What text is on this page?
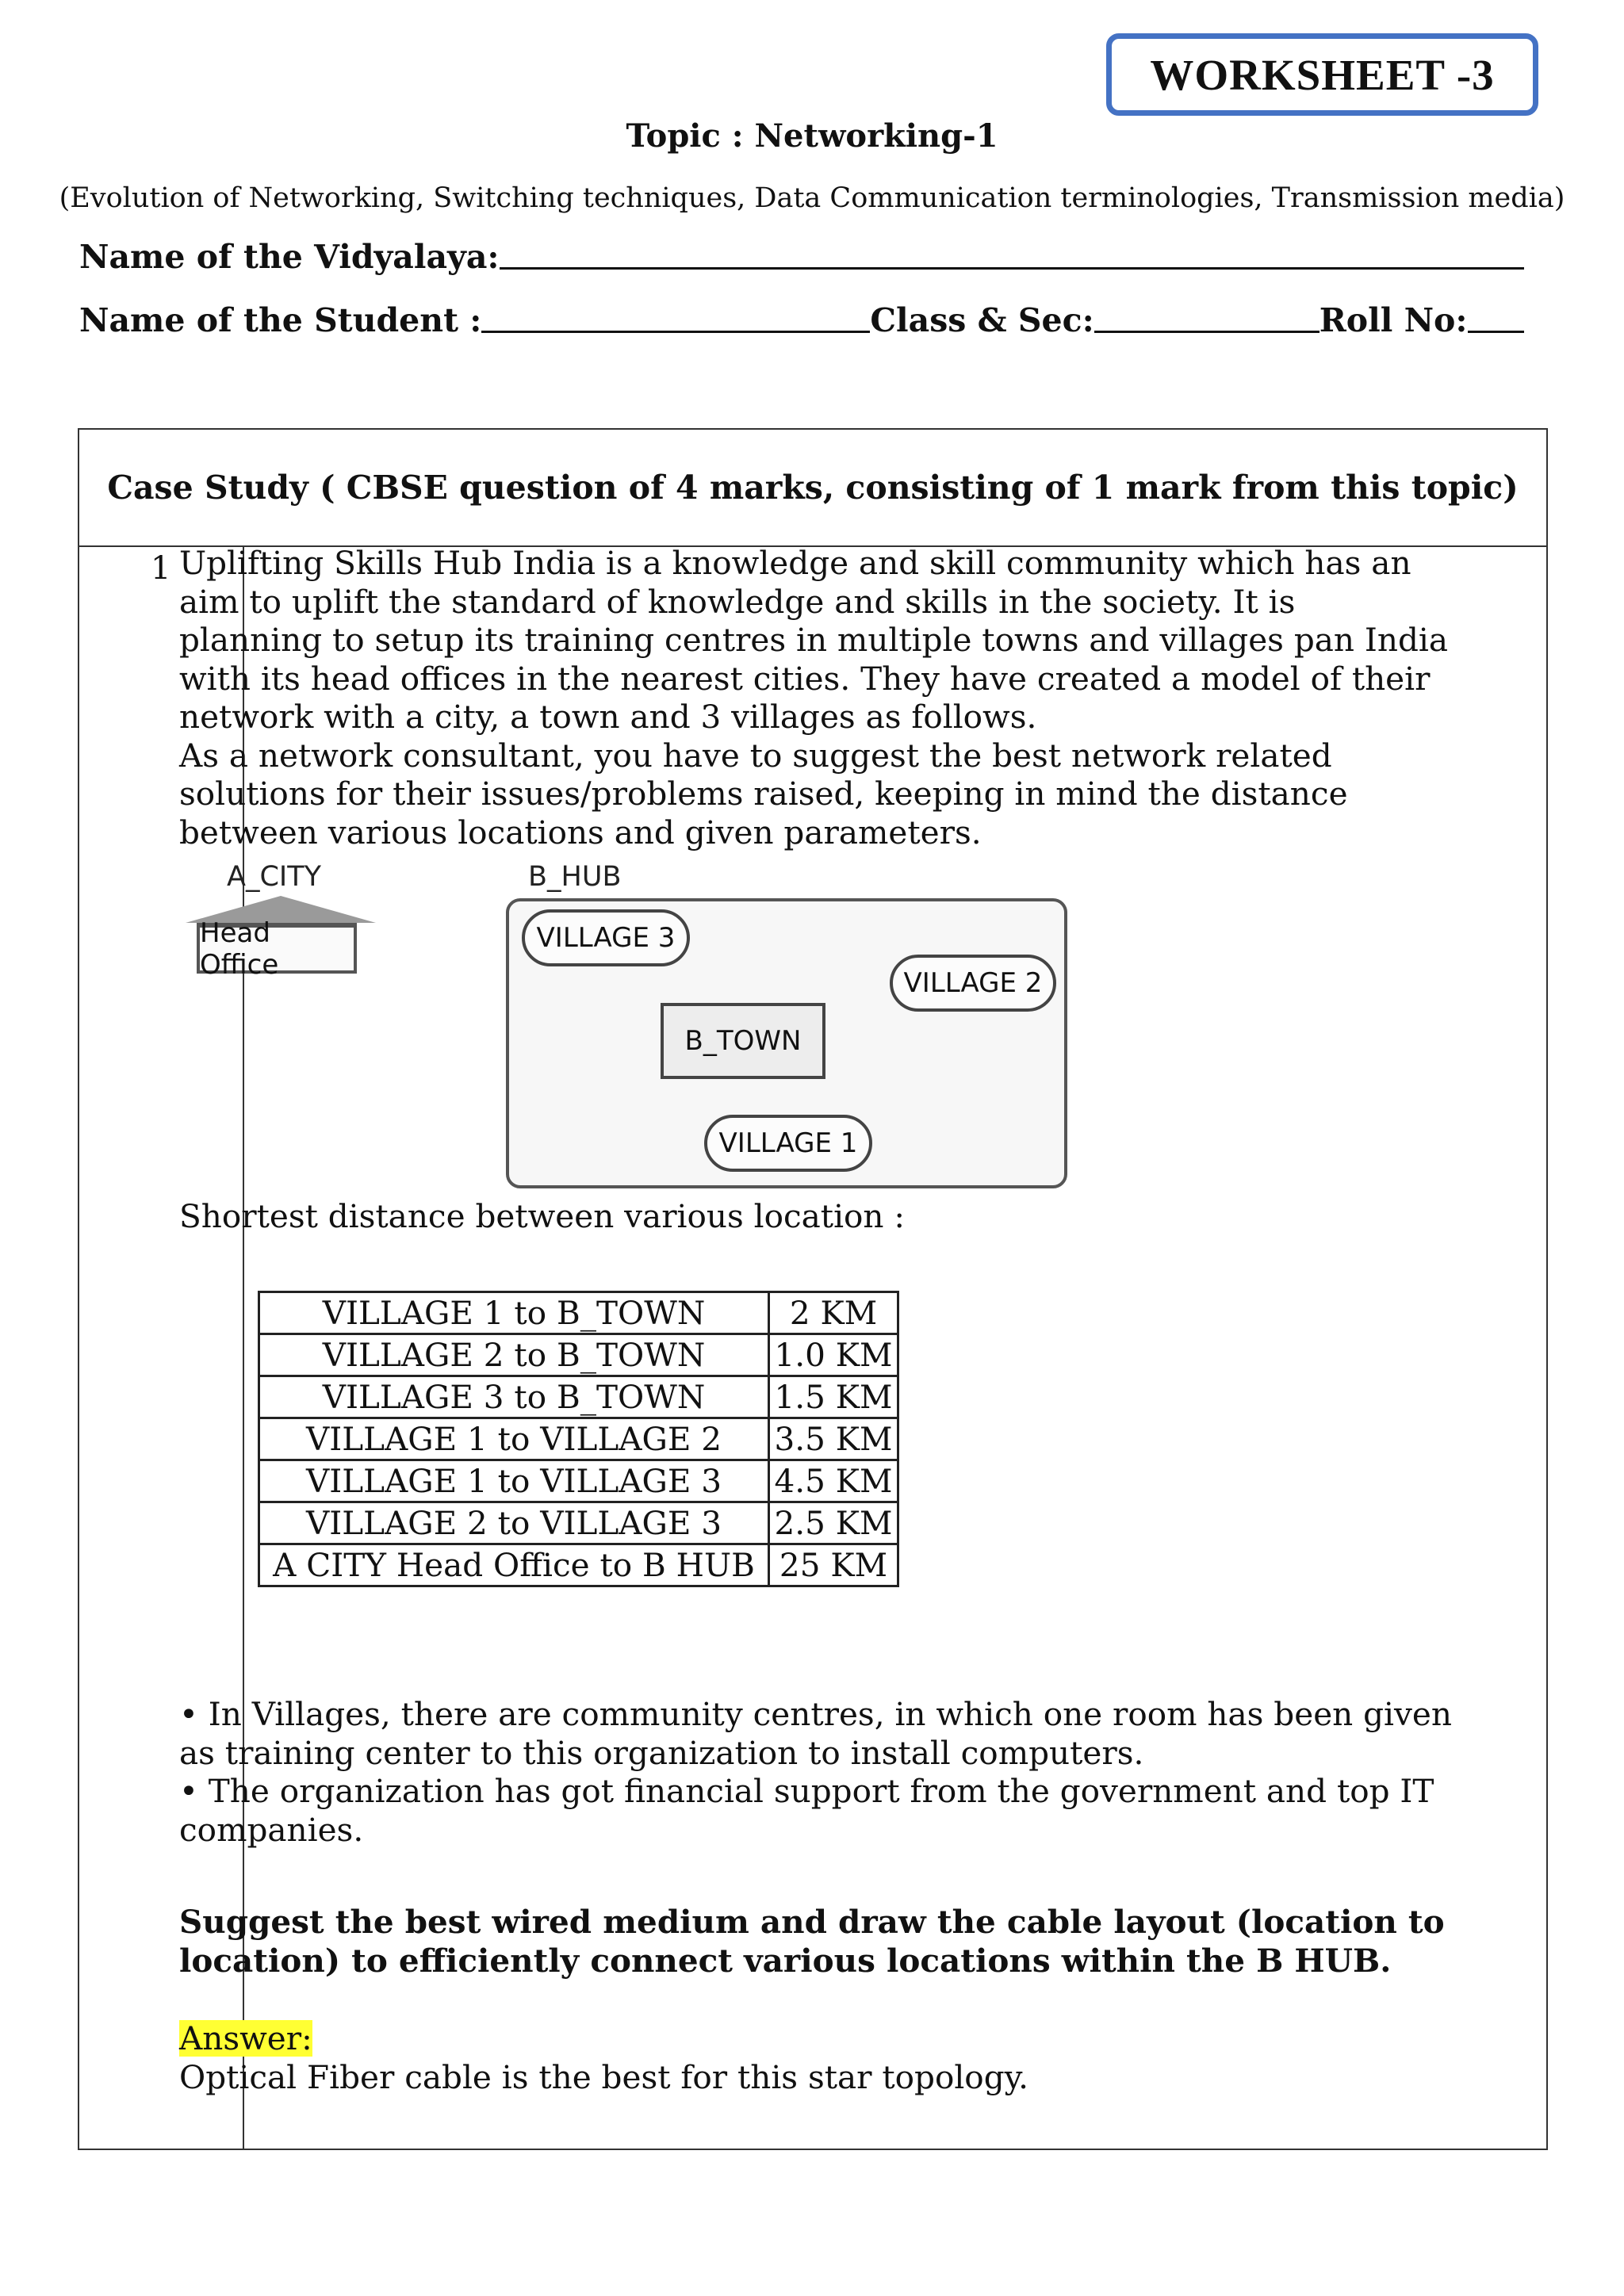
WORKSHEET -3
Topic : Networking-1
(Evolution of Networking, Switching techniques, Data Communication terminologies, Transmission media)
Name of the Vidyalaya:
Name of the Student :	Class & Sec:	Roll No:
Case Study ( CBSE question of 4 marks, consisting of 1 mark from this topic)
1 Uplifting Skills Hub India is a knowledge and skill community which has an aim to uplift the standard of knowledge and skills in the society. It is planning to setup its training centres in multiple towns and villages pan India with its head offices in the nearest cities. They have created a model of their network with a city, a town and 3 villages as follows.

As a network consultant, you have to suggest the best network related solutions for their issues/problems raised, keeping in mind the distance between various locations and given parameters.

A_CITY	B_HUB
Head Office
VILLAGE 3
VILLAGE 2
B_TOWN
VILLAGE 1
Shortest distance between various location :
VILLAGE 1 to B_TOWN	2 KM
VILLAGE 2 to B_TOWN	1.0 KM
VILLAGE 3 to B_TOWN	1.5 KM
VILLAGE 1 to VILLAGE 2	3.5 KM
VILLAGE 1 to VILLAGE 3	4.5 KM
VILLAGE 2 to VILLAGE 3	2.5 KM
A CITY Head Office to B HUB	25 KM

• In Villages, there are community centres, in which one room has been given as training center to this organization to install computers.

• The organization has got financial support from the government and top IT companies.

Suggest the best wired medium and draw the cable layout (location to location) to efficiently connect various locations within the B HUB.
Answer:
Optical Fiber cable is the best for this star topology.
